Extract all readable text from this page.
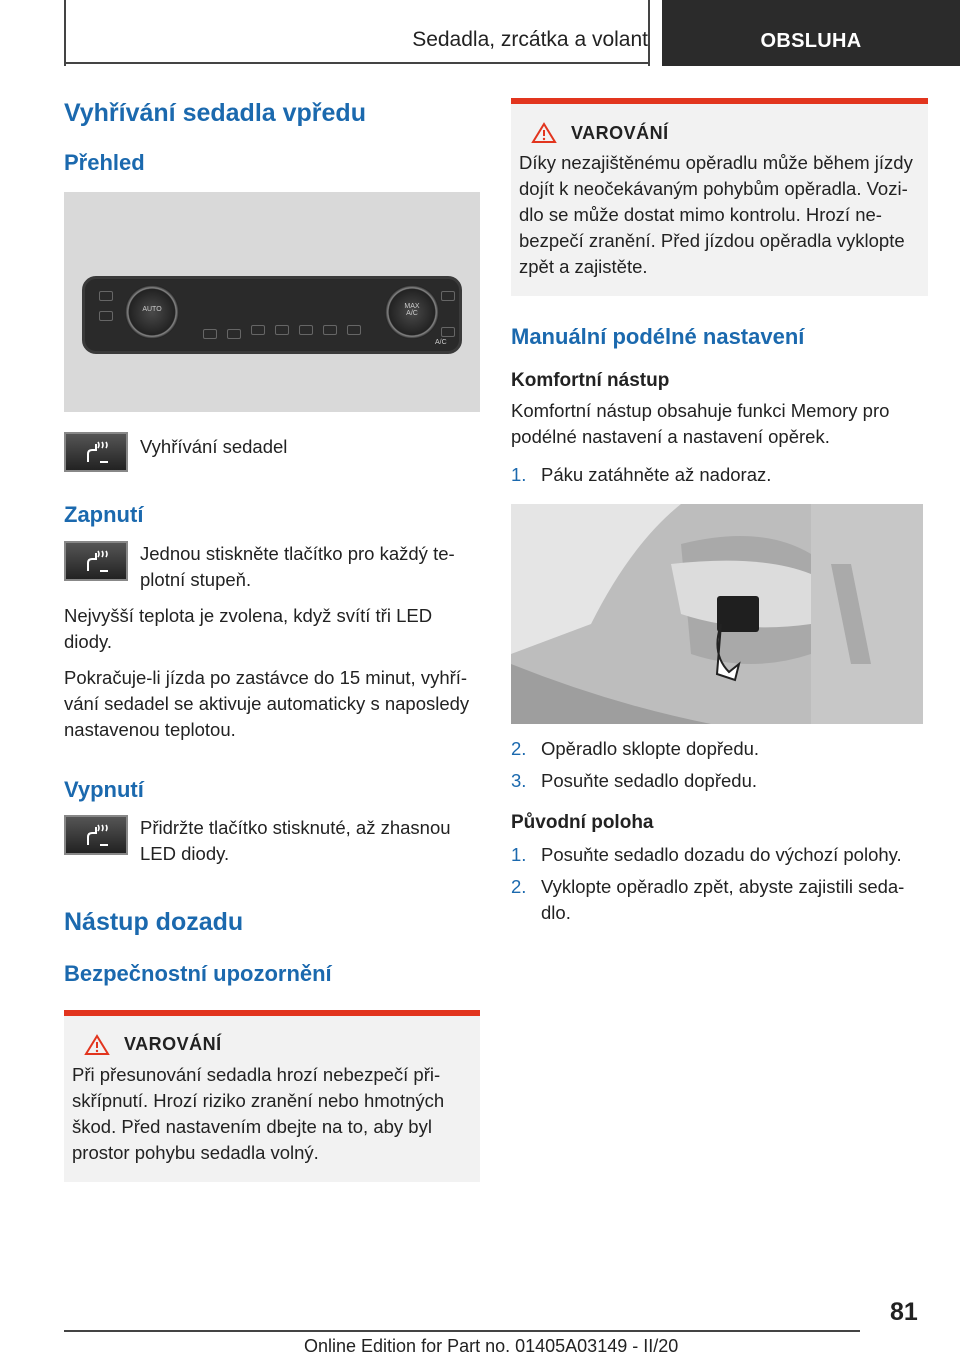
Sedadla, zrcátka a volant	OBSLUHA
Vyhřívání sedadla vpředu
Přehled
AUTO	MAX
A/C
A/C

Vyhřívání sedadel

Zapnutí

Jednou stiskněte tlačítko pro každý te-plotní stupeň.

Nejvyšší teplota je zvolena, když svítí tři LED diody.

Pokračuje-li jízda po zastávce do 15 minut, vyhří-vání sedadel se aktivuje automaticky s naposledy nastavenou teplotou.

Vypnutí

Přidržte tlačítko stisknuté, až zhasnou LED diody.

Nástup dozadu
Bezpečnostní upozornění
VAROVÁNÍ

Při přesunování sedadla hrozí nebezpečí při-skřípnutí. Hrozí riziko zranění nebo hmotných škod. Před nastavením dbejte na to, aby byl prostor pohybu sedadla volný.

VAROVÁNÍ

Díky nezajištěnému opěradlu může během jízdy dojít k neočekávaným pohybům opěradla. Vozi-dlo se může dostat mimo kontrolu. Hrozí ne-bezpečí zranění. Před jízdou opěradla vyklopte zpět a zajistěte.

Manuální podélné nastavení
Komfortní nástup

Komfortní nástup obsahuje funkci Memory pro podélné nastavení a nastavení opěrek.

1. Páku zatáhněte až nadoraz.
2. Opěradlo sklopte dopředu.
3. Posuňte sedadlo dopředu.
Původní poloha
1. Posuňte sedadlo dozadu do výchozí polohy.
2. Vyklopte opěradlo zpět, abyste zajistili seda-dlo.
81
Online Edition for Part no. 01405A03149 - II/20
